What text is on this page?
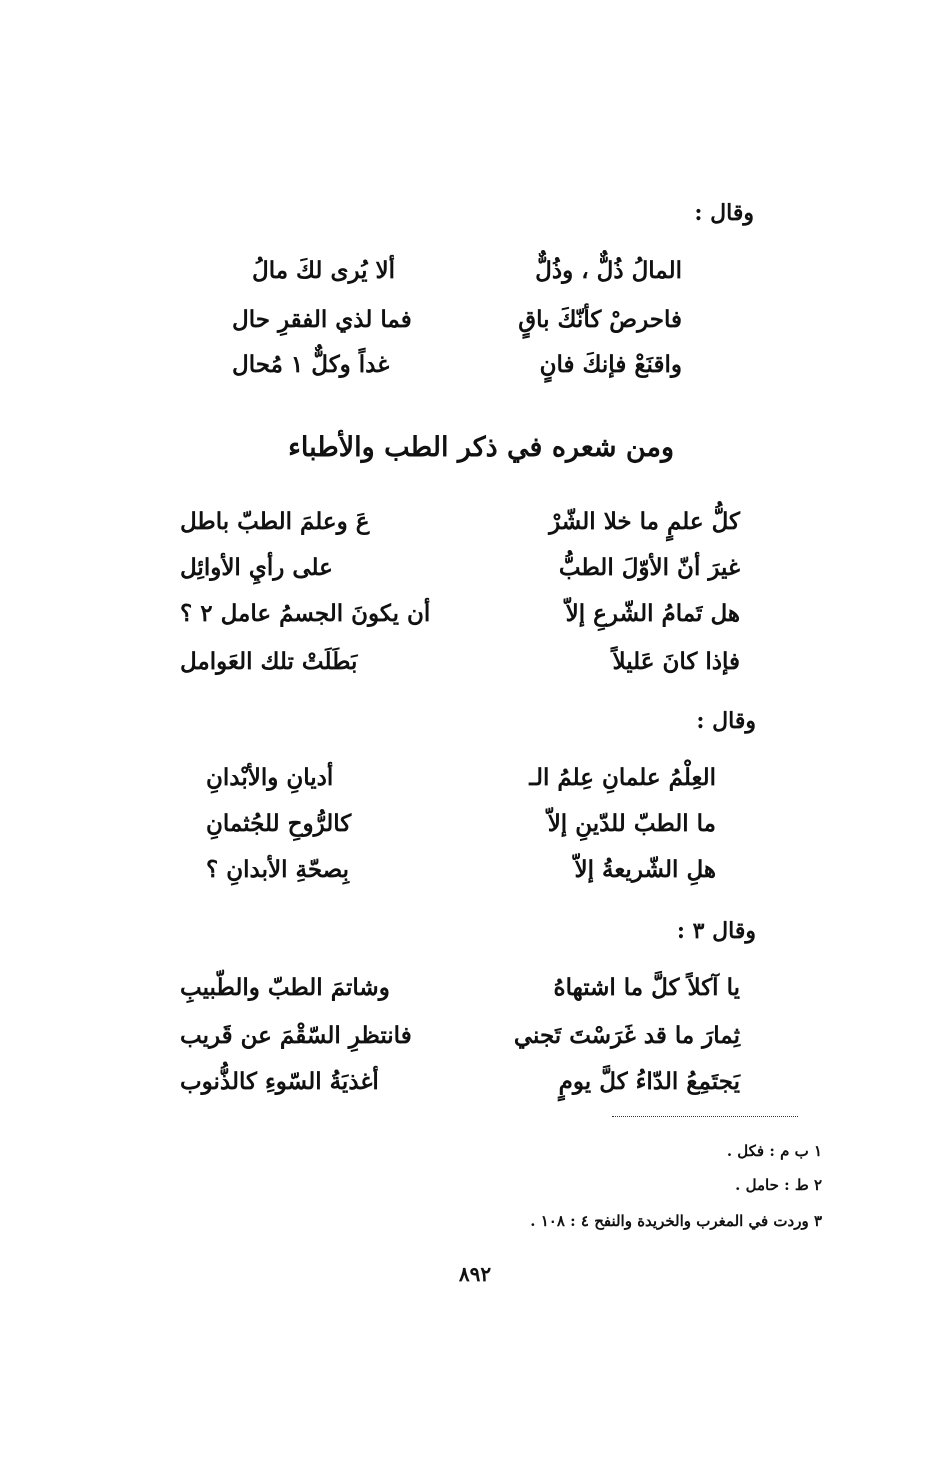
وقال :
المالُ ذُلٌّ ، وذُلٌّ
ألا يُرى لكَ مالُ
فاحرصْ كأنّكَ باقٍ
فما لذي الفقرِ حال
واقنَعْ فإنكَ فانٍ
غداً وكلٌّ ١ مُحال
ومن شعره في ذكر الطب والأطباء
كلُّ علمٍ ما خلا الشّرْ
عَ وعلمَ الطبّ باطل
غيرَ أنّ الأوّلَ الطبُّ
على رأيِ الأوائِل
هل تَمامُ الشّرعِ إلاّ
أن يكونَ الجسمُ عامل ٢ ؟
فإذا كانَ عَليلاً
بَطَلَتْ تلك العَوامل
وقال :
العِلْمُ علمانِ عِلمُ الـ
أديانِ والأبْدانِ
ما الطبّ للدّينِ إلاّ
كالرُّوحِ للجُثمانِ
هلِ الشّريعةُ إلاّ
بِصحّةِ الأبدانِ ؟
وقال ٣ :
يا آكلاً كلَّ ما اشتهاهُ
وشاتمَ الطبّ والطّبيبِ
ثِمارَ ما قد غَرَسْتَ تَجني
فانتظرِ السّقْمَ عن قَريب
يَجتَمِعُ الدّاءُ كلَّ يومٍ
أغذيَةُ السّوءِ كالذُّنوب
١ ب م : فكل .
٢ ط : حامل .
٣ وردت في المغرب والخريدة والنفح ٤ : ١٠٨ .
٨٩٢
